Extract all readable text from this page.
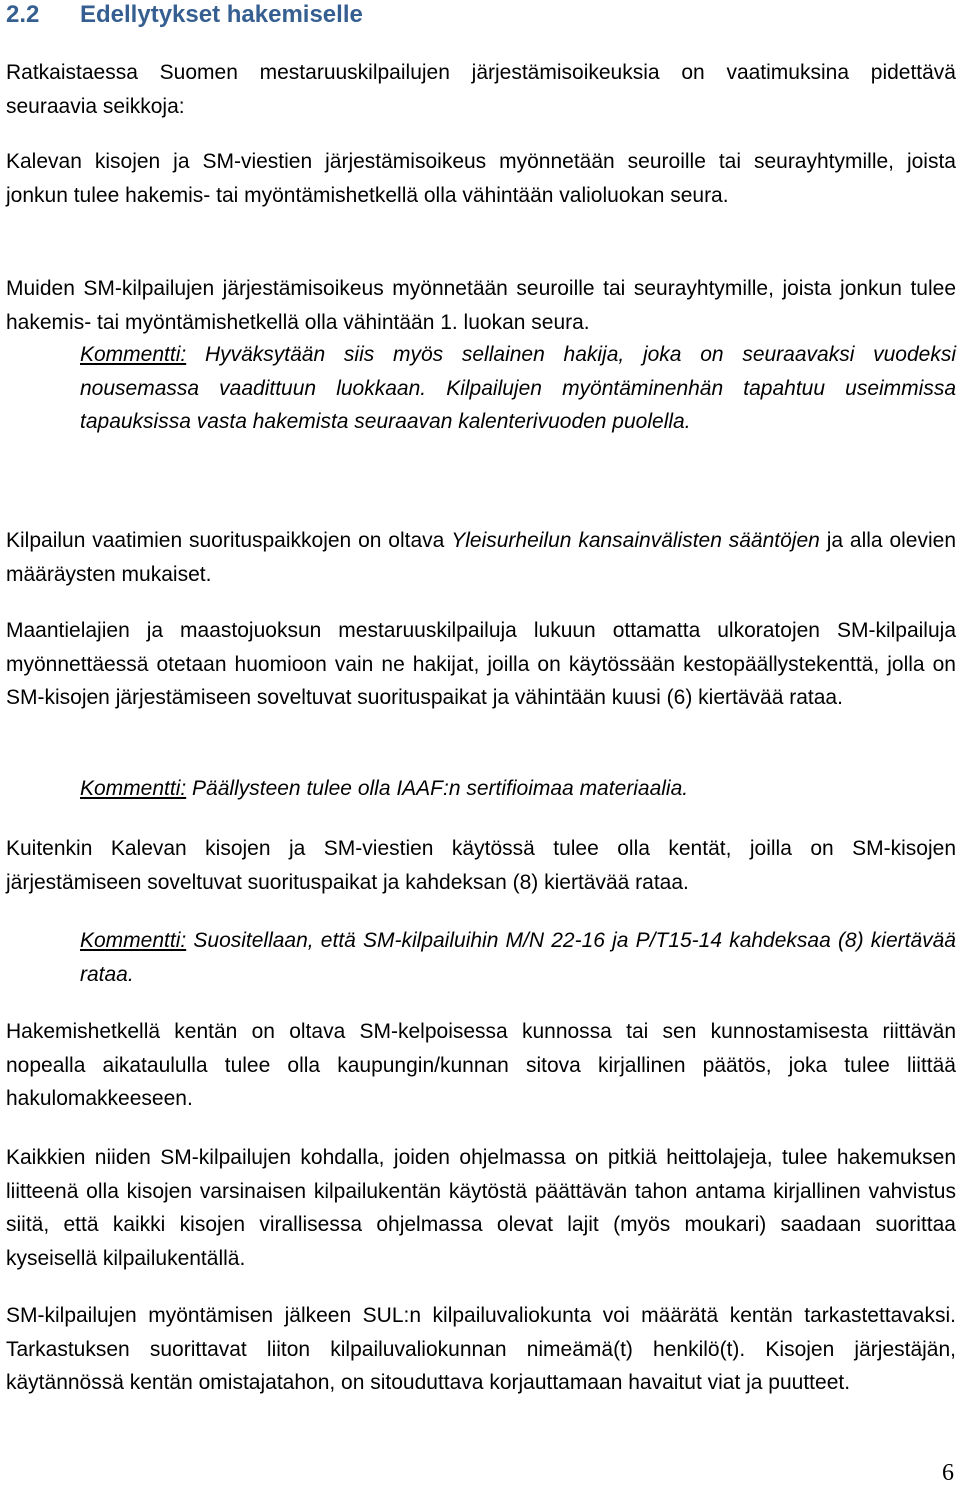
2.2 Edellytykset hakemiselle

Ratkaistaessa Suomen mestaruuskilpailujen järjestämisoikeuksia on vaatimuksina pidettävä seuraavia seikkoja:

Kalevan kisojen ja SM-viestien järjestämisoikeus myönnetään seuroille tai seurayhtymille, joista jonkun tulee hakemis- tai myöntämishetkellä olla vähintään valioluokan seura.

Muiden SM-kilpailujen järjestämisoikeus myönnetään seuroille tai seurayhtymille, joista jonkun tulee hakemis- tai myöntämishetkellä olla vähintään 1. luokan seura.

Kommentti: Hyväksytään siis myös sellainen hakija, joka on seuraavaksi vuodeksi nousemassa vaadittuun luokkaan. Kilpailujen myöntäminenhän tapahtuu useimmissa tapauksissa vasta hakemista seuraavan kalenterivuoden puolella.

Kilpailun vaatimien suorituspaikkojen on oltava Yleisurheilun kansainvälisten sääntöjen ja alla olevien määräysten mukaiset.

Maantielajien ja maastojuoksun mestaruuskilpailuja lukuun ottamatta ulkoratojen SM-kilpailuja myönnettäessä otetaan huomioon vain ne hakijat, joilla on käytössään kestopäällystekenttä, jolla on SM-kisojen järjestämiseen soveltuvat suorituspaikat ja vähintään kuusi (6) kiertävää rataa.

Kommentti: Päällysteen tulee olla IAAF:n sertifioimaa materiaalia.

Kuitenkin Kalevan kisojen ja SM-viestien käytössä tulee olla kentät, joilla on SM-kisojen järjestämiseen soveltuvat suorituspaikat ja kahdeksan (8) kiertävää rataa.

Kommentti: Suositellaan, että SM-kilpailuihin M/N 22-16 ja P/T15-14 kahdeksaa (8) kiertävää rataa.

Hakemishetkellä kentän on oltava SM-kelpoisessa kunnossa tai sen kunnostamisesta riittävän nopealla aikataululla tulee olla kaupungin/kunnan sitova kirjallinen päätös, joka tulee liittää hakulomakkeeseen.

Kaikkien niiden SM-kilpailujen kohdalla, joiden ohjelmassa on pitkiä heittolajeja, tulee hakemuksen liitteenä olla kisojen varsinaisen kilpailukentän käytöstä päättävän tahon antama kirjallinen vahvistus siitä, että kaikki kisojen virallisessa ohjelmassa olevat lajit (myös moukari) saadaan suorittaa kyseisellä kilpailukentällä.

SM-kilpailujen myöntämisen jälkeen SUL:n kilpailuvaliokunta voi määrätä kentän tarkastettavaksi. Tarkastuksen suorittavat liiton kilpailuvaliokunnan nimeämä(t) henkilö(t). Kisojen järjestäjän, käytännössä kentän omistajatahon, on sitouduttava korjauttamaan havaitut viat ja puutteet.

6
